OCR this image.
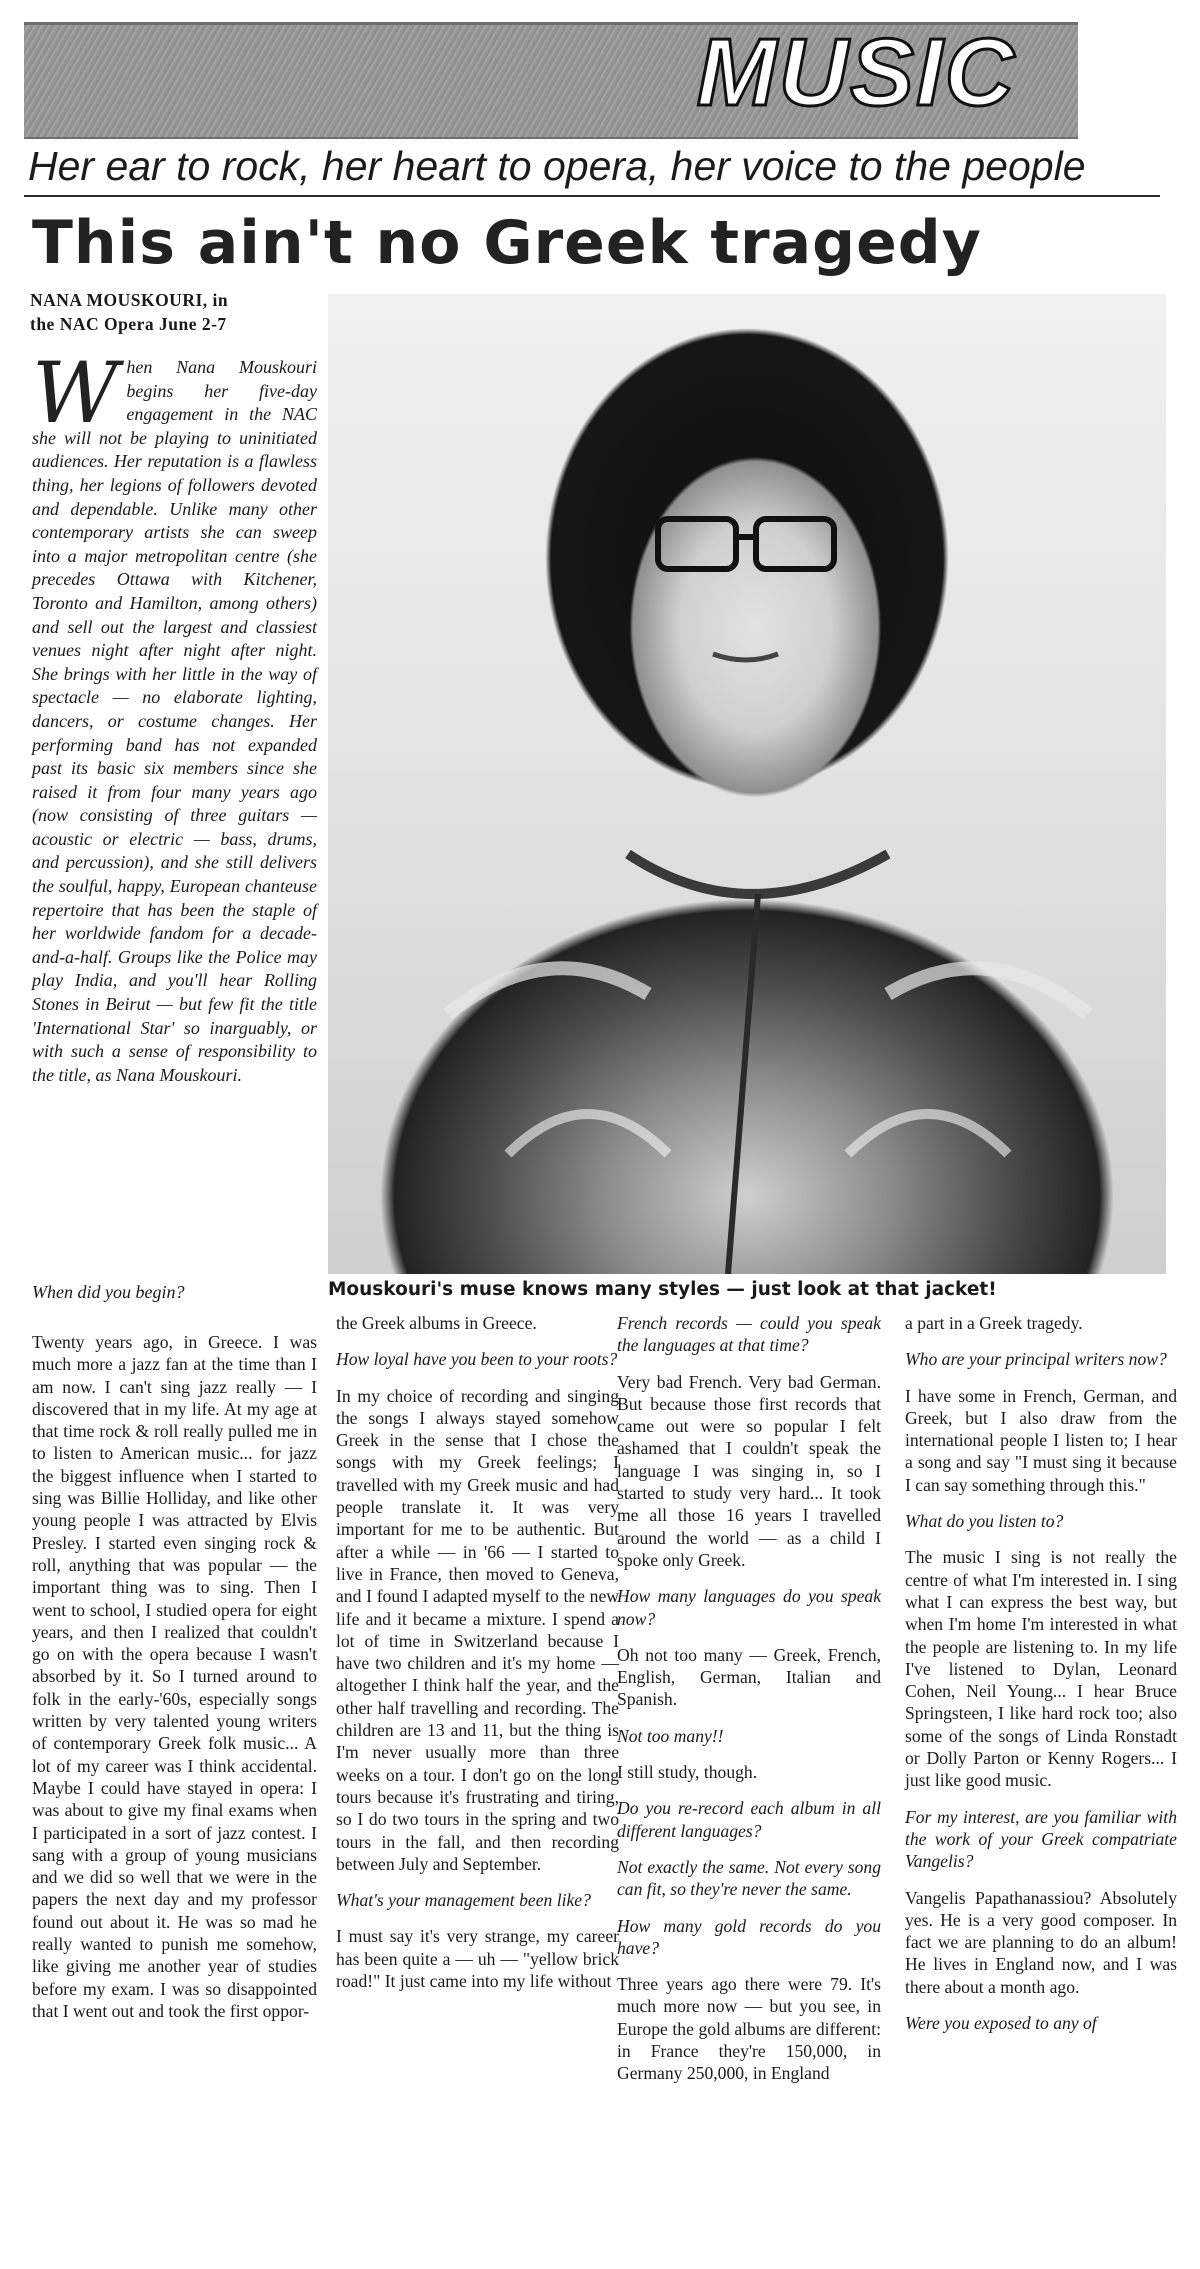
MUSIC
Her ear to rock, her heart to opera, her voice to the people
This ain't no Greek tragedy
NANA MOUSKOURI, in
the NAC Opera June 2-7
When Nana Mouskouri begins her five-day engagement in the NAC she will not be playing to uninitiated audiences. Her reputation is a flawless thing, her legions of followers devoted and dependable. Unlike many other contemporary artists she can sweep into a major metropolitan centre (she precedes Ottawa with Kitchener, Toronto and Hamilton, among others) and sell out the largest and classiest venues night after night after night. She brings with her little in the way of spectacle — no elaborate lighting, dancers, or costume changes. Her performing band has not expanded past its basic six members since she raised it from four many years ago (now consisting of three guitars — acoustic or electric — bass, drums, and percussion), and she still delivers the soulful, happy, European chanteuse repertoire that has been the staple of her worldwide fandom for a decade-and-a-half. Groups like the Police may play India, and you'll hear Rolling Stones in Beirut — but few fit the title 'International Star' so inarguably, or with such a sense of responsibility to the title, as Nana Mouskouri.
When did you begin?	Mouskouri's muse knows many styles — just look at that jacket!

Twenty years ago, in Greece. I was much more a jazz fan at the time than I am now. I can't sing jazz really — I discovered that in my life. At my age at that time rock & roll really pulled me in to listen to American music... for jazz the biggest influence when I started to sing was Billie Holliday, and like other young people I was attracted by Elvis Presley. I started even singing rock & roll, anything that was popular — the important thing was to sing. Then I went to school, I studied opera for eight years, and then I realized that couldn't go on with the opera because I wasn't absorbed by it. So I turned around to folk in the early-'60s, especially songs written by very talented young writers of contemporary Greek folk music... A lot of my career was I think accidental. Maybe I could have stayed in opera: I was about to give my final exams when I participated in a sort of jazz contest. I sang with a group of young musicians and we did so well that we were in the papers the next day and my professor found out about it. He was so mad he really wanted to punish me somehow, like giving me another year of studies before my exam. I was so disappointed that I went out and took the first oppor-

the Greek albums in Greece.

How loyal have you been to your roots?

In my choice of recording and singing the songs I always stayed somehow Greek in the sense that I chose the songs with my Greek feelings; I travelled with my Greek music and had people translate it. It was very important for me to be authentic. But after a while — in '66 — I started to live in France, then moved to Geneva, and I found I adapted myself to the new life and it became a mixture. I spend a lot of time in Switzerland because I have two children and it's my home — altogether I think half the year, and the other half travelling and recording. The children are 13 and 11, but the thing is I'm never usually more than three weeks on a tour. I don't go on the long tours because it's frustrating and tiring, so I do two tours in the spring and two tours in the fall, and then recording between July and September.

What's your management been like?

I must say it's very strange, my career has been quite a — uh — "yellow brick road!" It just came into my life without

French records — could you speak the languages at that time?

Very bad French. Very bad German. But because those first records that came out were so popular I felt ashamed that I couldn't speak the language I was singing in, so I started to study very hard... It took me all those 16 years I travelled around the world — as a child I spoke only Greek.

How many languages do you speak now?

Oh not too many — Greek, French, English, German, Italian and Spanish.

Not too many!!

I still study, though.

Do you re-record each album in all different languages?

Not exactly the same. Not every song can fit, so they're never the same.

How many gold records do you have?

Three years ago there were 79. It's much more now — but you see, in Europe the gold albums are different: in France they're 150,000, in Germany 250,000, in England

a part in a Greek tragedy.

Who are your principal writers now?

I have some in French, German, and Greek, but I also draw from the international people I listen to; I hear a song and say "I must sing it because I can say something through this."

What do you listen to?

The music I sing is not really the centre of what I'm interested in. I sing what I can express the best way, but when I'm home I'm interested in what the people are listening to. In my life I've listened to Dylan, Leonard Cohen, Neil Young... I hear Bruce Springsteen, I like hard rock too; also some of the songs of Linda Ronstadt or Dolly Parton or Kenny Rogers... I just like good music.

For my interest, are you familiar with the work of your Greek compatriate Vangelis?

Vangelis Papathanassiou? Absolutely yes. He is a very good composer. In fact we are planning to do an album! He lives in England now, and I was there about a month ago.

Were you exposed to any of
